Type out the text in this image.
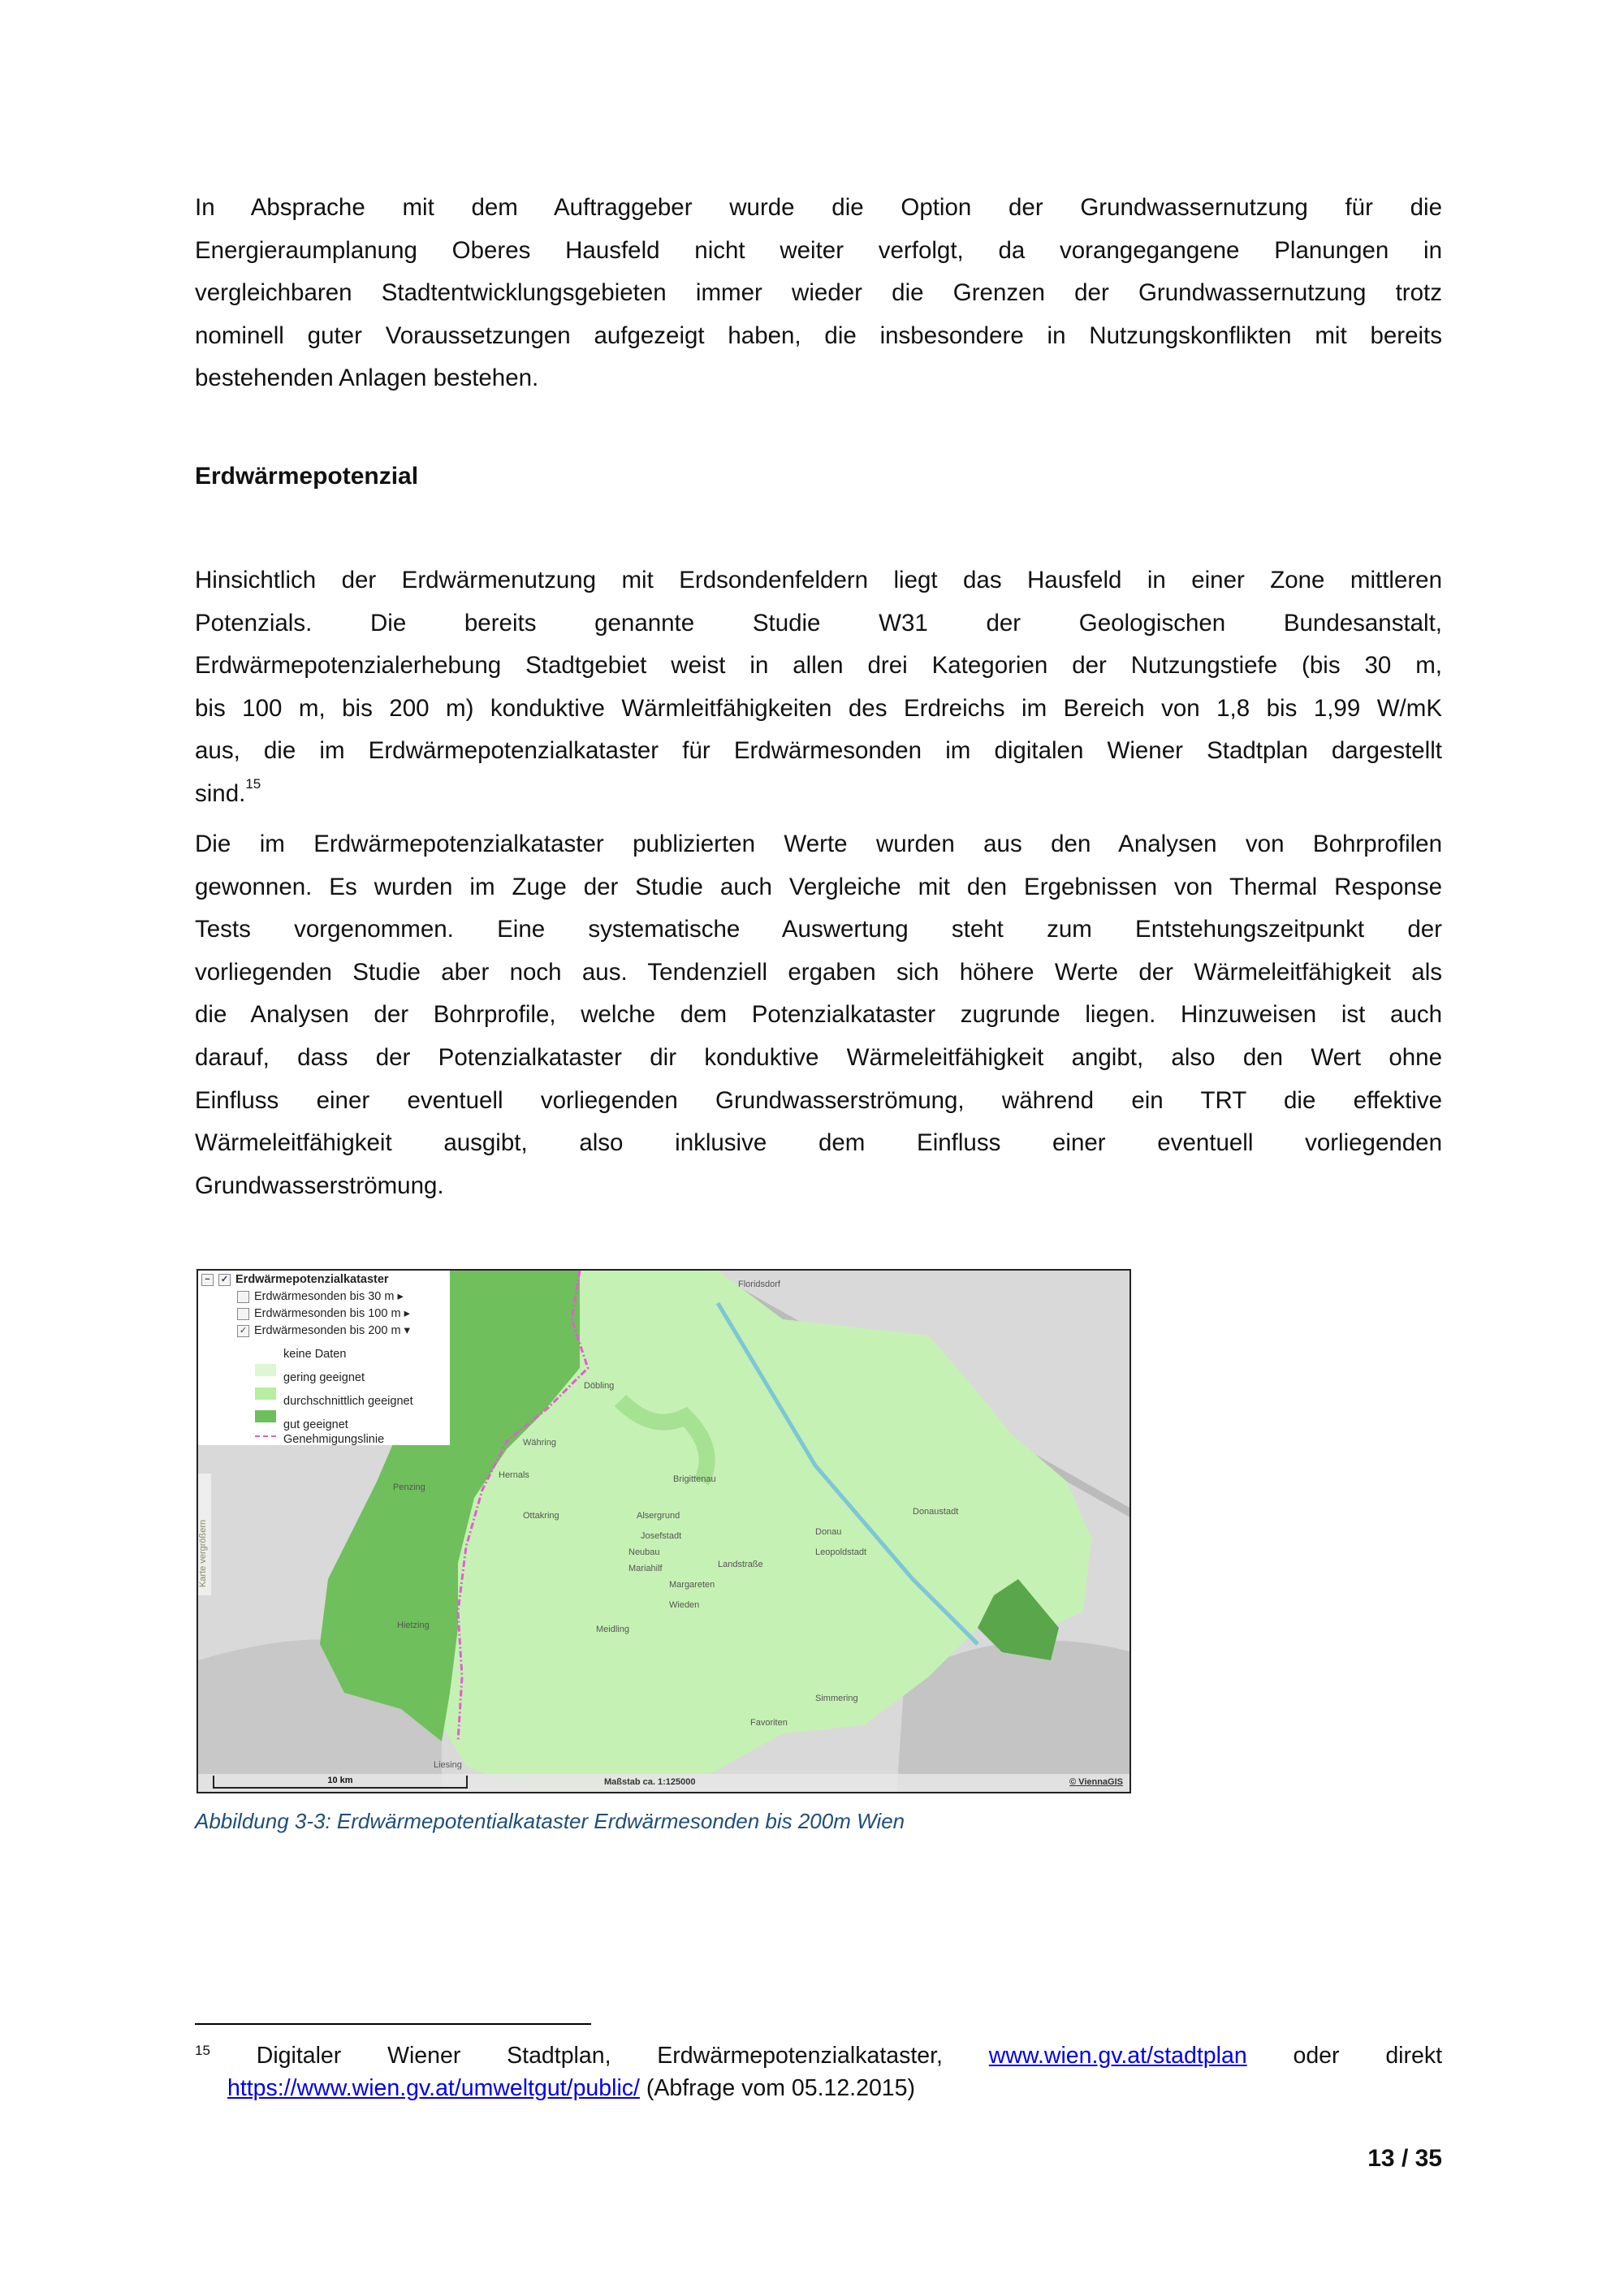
In Absprache mit dem Auftraggeber wurde die Option der Grundwassernutzung für die
Energieraumplanung Oberes Hausfeld nicht weiter verfolgt, da vorangegangene Planungen in
vergleichbaren Stadtentwicklungsgebieten immer wieder die Grenzen der Grundwassernutzung trotz
nominell guter Voraussetzungen aufgezeigt haben, die insbesondere in Nutzungskonflikten mit bereits
bestehenden Anlagen bestehen.
Erdwärmepotenzial
Hinsichtlich der Erdwärmenutzung mit Erdsondenfeldern liegt das Hausfeld in einer Zone mittleren
Potenzials. Die bereits genannte Studie W31 der Geologischen Bundesanstalt,
Erdwärmepotenzialerhebung Stadtgebiet weist in allen drei Kategorien der Nutzungstiefe (bis 30 m,
bis 100 m, bis 200 m) konduktive Wärmleitfähigkeiten des Erdreichs im Bereich von 1,8 bis 1,99 W/mK
aus, die im Erdwärmepotenzialkataster für Erdwärmesonden im digitalen Wiener Stadtplan dargestellt
sind.$^{15}$
Die im Erdwärmepotenzialkataster publizierten Werte wurden aus den Analysen von Bohrprofilen
gewonnen. Es wurden im Zuge der Studie auch Vergleiche mit den Ergebnissen von Thermal Response
Tests vorgenommen. Eine systematische Auswertung steht zum Entstehungszeitpunkt der
vorliegenden Studie aber noch aus. Tendenziell ergaben sich höhere Werte der Wärmeleitfähigkeit als
die Analysen der Bohrprofile, welche dem Potenzialkataster zugrunde liegen. Hinzuweisen ist auch
darauf, dass der Potenzialkataster dir konduktive Wärmeleitfähigkeit angibt, also den Wert ohne
Einfluss einer eventuell vorliegenden Grundwasserströmung, während ein TRT die effektive
Wärmeleitfähigkeit ausgibt, also inklusive dem Einfluss einer eventuell vorliegenden
Grundwasserströmung.
Floridsdorf
Donaustadt
Döbling
Währing
Hernals
Penzing
Ottakring
Hietzing
Alsergrund
Josefstadt
Neubau
Mariahilf
Margareten
Wieden
Brigittenau
Leopoldstadt
Landstraße
Meidling
Favoriten
Simmering
Liesing
Donau
− ✓ Erdwärmepotenzialkataster
Erdwärmesonden bis 30 m ▸
Erdwärmesonden bis 100 m ▸
✓ Erdwärmesonden bis 200 m ▾
keine Daten
gering geeignet
durchschnittlich geeignet
gut geeignet
Genehmigungslinie
Karte vergrößern
10 km	Maßstab ca. 1:125000	© ViennaGIS
Abbildung 3-3: Erdwärmepotentialkataster Erdwärmesonden bis 200m Wien
$^{15}$ Digitaler Wiener Stadtplan, Erdwärmepotenzialkataster, www.wien.gv.at/stadtplan oder direkt
https://www.wien.gv.at/umweltgut/public/ (Abfrage vom 05.12.2015)
13 / 35
